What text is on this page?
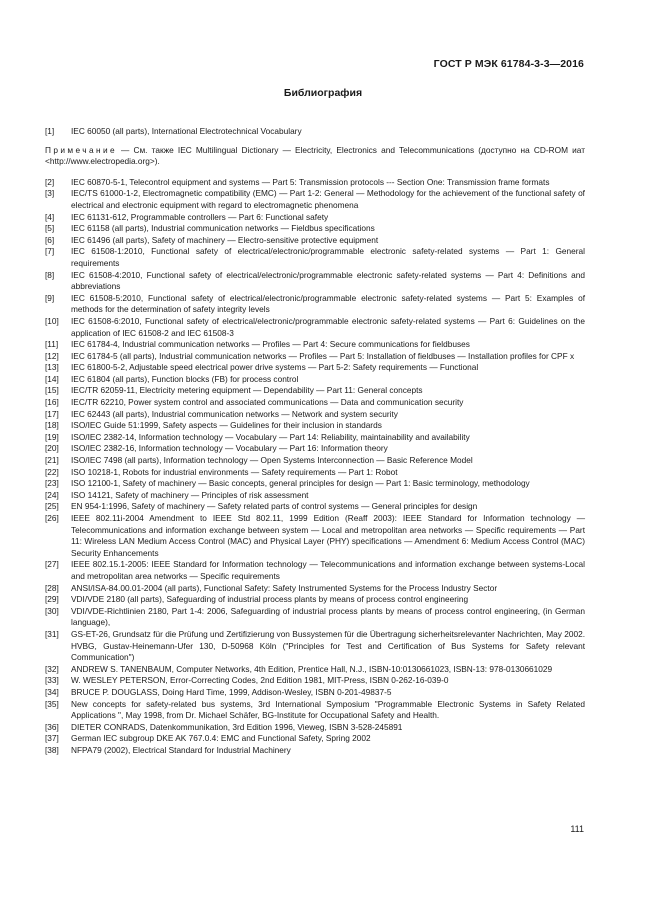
ГОСТ Р МЭК 61784-3-3—2016
Библиография
[1]	IEC 60050 (all parts), International Electrotechnical Vocabulary
Примечание — См. также IEC Multilingual Dictionary — Electricity, Electronics and Telecommunications (доступно на CD-ROM иат <http://www.electropedia.org>).
[2]	IEC 60870-5-1, Telecontrol equipment and systems — Part 5: Transmission protocols --- Section One: Transmission frame formats
[3]	IEC/TS 61000-1-2, Electromagnetic compatibility (EMC) — Part 1-2: General — Methodology for the achievement of the functional safety of electrical and electronic equipment with regard to electromagnetic phenomena
[4]	IEC 61131-612, Programmable controllers — Part 6: Functional safety
[5]	IEC 61158 (all parts), Industrial communication networks — Fieldbus specifications
[6]	IEC 61496 (all parts), Safety of machinery — Electro-sensitive protective equipment
[7]	IEC 61508-1:2010, Functional safety of electrical/electronic/programmable electronic safety-related systems — Part 1: General requirements
[8]	IEC 61508-4:2010, Functional safety of electrical/electronic/programmable electronic safety-related systems — Part 4: Definitions and abbreviations
[9]	IEC 61508-5:2010, Functional safety of electrical/electronic/programmable electronic safety-related systems — Part 5: Examples of methods for the determination of safety integrity levels
[10]	IEC 61508-6:2010, Functional safety of electrical/electronic/programmable electronic safety-related systems — Part 6: Guidelines on the application of IEC 61508-2 and IEC 61508-3
[11]	IEC 61784-4, Industrial communication networks — Profiles — Part 4: Secure communications for fieldbuses
[12]	IEC 61784-5 (all parts), Industrial communication networks — Profiles — Part 5: Installation of fieldbuses — Installation profiles for CPF x
[13]	IEC 61800-5-2, Adjustable speed electrical power drive systems — Part 5-2: Safety requirements — Functional
[14]	IEC 61804 (all parts), Function blocks (FB) for process control
[15]	IEC/TR 62059-11, Electricity metering equipment — Dependability — Part 11: General concepts
[16]	IEC/TR 62210, Power system control and associated communications — Data and communication security
[17]	IEC 62443 (all parts), Industrial communication networks — Network and system security
[18]	ISO/IEC Guide 51:1999, Safety aspects — Guidelines for their inclusion in standards
[19]	ISO/IEC 2382-14, Information technology — Vocabulary — Part 14: Reliability, maintainability and availability
[20]	ISO/IEC 2382-16, Information technology — Vocabulary — Part 16: Information theory
[21]	ISO/IEC 7498 (all parts), Information technology — Open Systems Interconnection — Basic Reference Model
[22]	ISO 10218-1, Robots for industrial environments — Safety requirements — Part 1: Robot
[23]	ISO 12100-1, Safety of machinery — Basic concepts, general principles for design — Part 1: Basic terminology, methodology
[24]	ISO 14121, Safety of machinery — Principles of risk assessment
[25]	EN 954-1:1996, Safety of machinery — Safety related parts of control systems — General principles for design
[26]	IEEE 802.11i-2004 Amendment to IEEE Std 802.11, 1999 Edition (Reaff 2003): IEEE Standard for Information technology — Telecommunications and information exchange between system — Local and metropolitan area networks — Specific requirements — Part 11: Wireless LAN Medium Access Control (MAC) and Physical Layer (PHY) specifications — Amendment 6: Medium Access Control (MAC) Security Enhancements
[27]	IEEE 802.15.1-2005: IEEE Standard for Information technology — Telecommunications and information exchange between systems-Local and metropolitan area networks — Specific requirements
[28]	ANSI/ISA-84.00.01-2004 (all parts), Functional Safety: Safety Instrumented Systems for the Process Industry Sector
[29]	VDI/VDE 2180 (all parts), Safeguarding of industrial process plants by means of process control engineering
[30]	VDI/VDE-Richtlinien 2180, Part 1-4: 2006, Safeguarding of industrial process plants by means of process control engineering, (in German language),
[31]	GS-ET-26, Grundsatz für die Prüfung und Zertifizierung von Bussystemen für die Übertragung sicherheitsrelevanter Nachrichten, May 2002. HVBG, Gustav-Heinemann-Ufer 130, D-50968 Köln ("Principles for Test and Certification of Bus Systems for Safety relevant Communication")
[32]	ANDREW S. TANENBAUM, Computer Networks, 4th Edition, Prentice Hall, N.J., ISBN-10:0130661023, ISBN-13: 978-0130661029
[33]	W. WESLEY PETERSON, Error-Correcting Codes, 2nd Edition 1981, MIT-Press, ISBN 0-262-16-039-0
[34]	BRUCE P. DOUGLASS, Doing Hard Time, 1999, Addison-Wesley, ISBN 0-201-49837-5
[35]	New concepts for safety-related bus systems, 3rd International Symposium "Programmable Electronic Systems in Safety Related Applications ", May 1998, from Dr. Michael Schäfer, BG-Institute for Occupational Safety and Health.
[36]	DIETER CONRADS, Datenkommunikation, 3rd Edition 1996, Vieweg, ISBN 3-528-245891
[37]	German IEC subgroup DKE AK 767.0.4: EMC and Functional Safety, Spring 2002
[38]	NFPA79 (2002), Electrical Standard for Industrial Machinery
111
